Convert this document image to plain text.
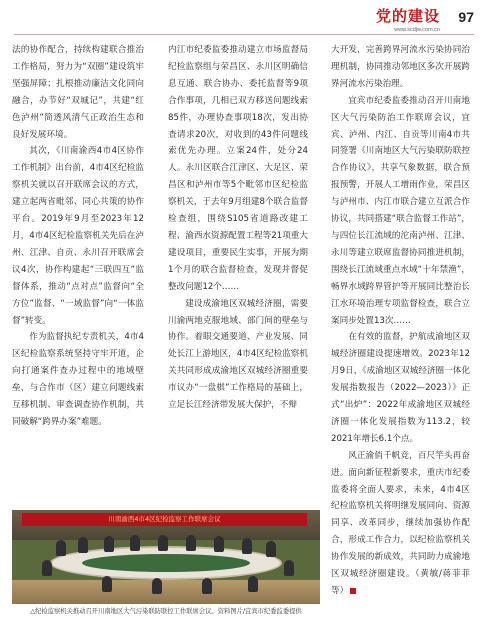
党的建设
www.scdjw.com.cn
97

法的协作配合，持续构建联合推治工作格局，努力为“双圈”建设筑牢坚强屏障；扎根推动廉洁文化同向融合，办节好“双城记”，共建“红色泸州”简透风清气正政治生态和良好发展环境。

其次，《川南渝西4市4区协作工作机制》出台前，4市4区纪检监察机关就以召开联席会议的方式，建立起两省毗邻、同心共策的协作平台。2019年9月至2023年12月，4市4区纪检监察机关先后在泸州、江津、自贡、永川召开联席会议4次，协作构建起“三联四互”监督体系，推动“点对点”监督向“全方位”监督、“一域监督”向“一体监督”转变。

作为监督执纪专责机关，4市4区纪检监察系统坚持守牢开道，企向打通案件查办过程中的地域壁垒，与合作市（区）建立问题线索互移机制、审查调查协作机制，共同破解“跨界办案”难题。

内江市纪委监委推动建立市场监督局纪检监察组与荣昌区、永川区明确信息互通、联合协办、委托监督等9项合作事项，几相已双方移送问题线索85件，办理协查事项18次，发出协查请求20次，对收到的43件问题线索优先办理。立案24件，处分24人。永川区联合江津区、大足区、荣昌区和泸州市等5个毗邻市区纪检监察机关，于去年9月组建8个联合监督检查组，围绕S105省道路改建工程、渝西水资源配置工程等21项重大建设项目，重要民生实事，开展为期1个月的联合监督检查，发现并督促整改问题12个……

建设成渝地区双城经济圈，需要川渝两地克服地域、部门间的壁垒与协作。着眼交通要道、产业发展、同处长江上游地区，4市4区纪检监察机关共同形成成渝地区双城经济圈重要市议办“一盘棋”工作格局的基础上，立足长江经济带发展大保护，不辩

大开发，完善跨界河流水污染协同治理机制，协同推动邻地区多次开展跨界河流水污染治理。

宜宾市纪委监委推动召开川南地区大气污染防治工作联席会议，宜宾、泸州、内江、自贡等川南4市共同签署《川南地区大气污染联防联控合作协议》，共享气象数据，联合预报预警，开展人工增雨作业，荣昌区与泸州市、内江市联合建立互派合作协议，共同搭建“联合监督工作站”，与四位长江流域的沱南泸州、江津、永川等建立联席监督协同推进机制，围绕长江流域重点水域“十年禁渔”，畅界水域跨界管护等开展同比整治长江水环境治理专项监督检查，联合立案同步处置13次……

在有效的监督，护航成渝地区双城经济圈建设提速增效。2023年12月9日，《成渝地区双城经济圈一体化发展指数报告（2022—2023）》正式“出炉”：2022年成渝地区双城经济圈一体化发展指数为113.2，较2021年增长6.1个点。

风正渝俏千帆竞，百尺竿头再奋进。面向新征程新要求，重庆市纪委监委将全面人要求，未来，4市4区纪检监察机关将明继发展同向、资源同享、改革同步，继续加强协作配合，形成工作合力，以纪检监察机关协作发展的新成效，共同助力成渝地区双城经济圈建设。（黄敏/蒋菲菲等）

川南渝西4市4区纪检监察工作联席会议
△纪检监察机关推动召开川南地区大气污染联防联控工作联席会议。资料图片/宜宾市纪委监委提供
